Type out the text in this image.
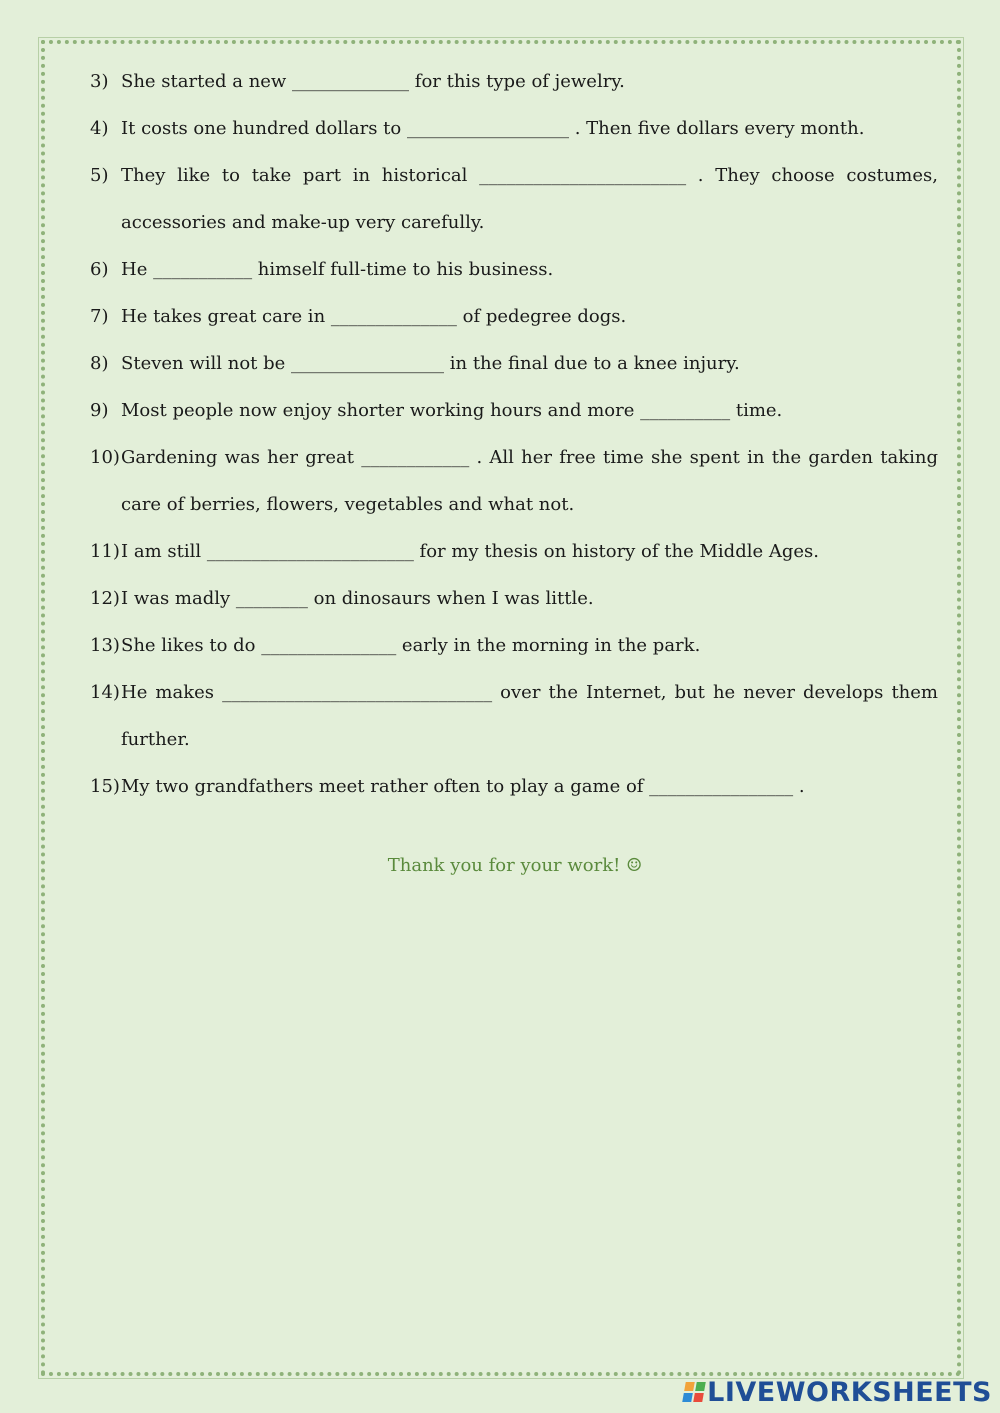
3) She started a new _____________ for this type of jewelry.
4) It costs one hundred dollars to __________________ . Then five dollars every month.
5) They like to take part in historical _______________________ . They choose costumes, accessories and make-up very carefully.
6) He ___________ himself full-time to his business.
7) He takes great care in ______________ of pedegree dogs.
8) Steven will not be _________________ in the final due to a knee injury.
9) Most people now enjoy shorter working hours and more __________ time.
10) Gardening was her great ____________ . All her free time she spent in the garden taking care of berries, flowers, vegetables and what not.
11) I am still _______________________ for my thesis on history of the Middle Ages.
12) I was madly ________ on dinosaurs when I was little.
13) She likes to do _______________ early in the morning in the park.
14) He makes ______________________________ over the Internet, but he never develops them further.
15) My two grandfathers meet rather often to play a game of ________________ .
Thank you for your work! ☺
LIVEWORKSHEETS
